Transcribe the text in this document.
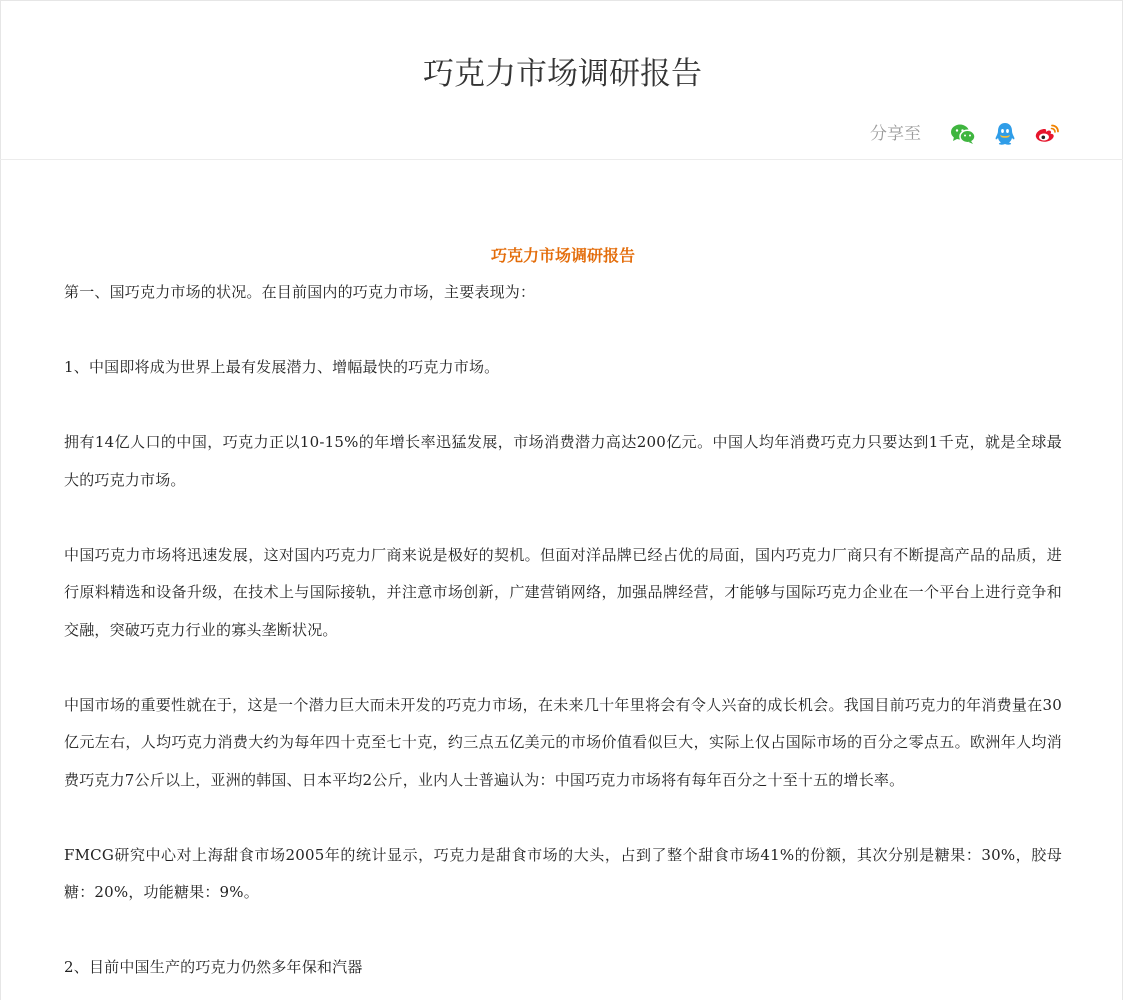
巧克力市场调研报告
分享至

巧克力市场调研报告

第一、国巧克力市场的状况。在目前国内的巧克力市场，主要表现为：

1、中国即将成为世界上最有发展潜力、增幅最快的巧克力市场。

拥有14亿人口的中国，巧克力正以10-15%的年增长率迅猛发展，市场消费潜力高达200亿元。中国人均年消费巧克力只要达到1千克，就是全球最大的巧克力市场。

中国巧克力市场将迅速发展，这对国内巧克力厂商来说是极好的契机。但面对洋品牌已经占优的局面，国内巧克力厂商只有不断提高产品的品质，进行原料精选和设备升级，在技术上与国际接轨，并注意市场创新，广建营销网络，加强品牌经营，才能够与国际巧克力企业在一个平台上进行竞争和交融，突破巧克力行业的寡头垄断状况。

中国市场的重要性就在于，这是一个潜力巨大而未开发的巧克力市场，在未来几十年里将会有令人兴奋的成长机会。我国目前巧克力的年消费量在30亿元左右，人均巧克力消费大约为每年四十克至七十克，约三点五亿美元的市场价值看似巨大，实际上仅占国际市场的百分之零点五。欧洲年人均消费巧克力7公斤以上，亚洲的韩国、日本平均2公斤，业内人士普遍认为：中国巧克力市场将有每年百分之十至十五的增长率。

FMCG研究中心对上海甜食市场2005年的统计显示，巧克力是甜食市场的大头，占到了整个甜食市场41%的份额，其次分别是糖果：30%，胶母糖：20%，功能糖果：9%。

2、目前中国生产的巧克力仍然多年保和汽器
